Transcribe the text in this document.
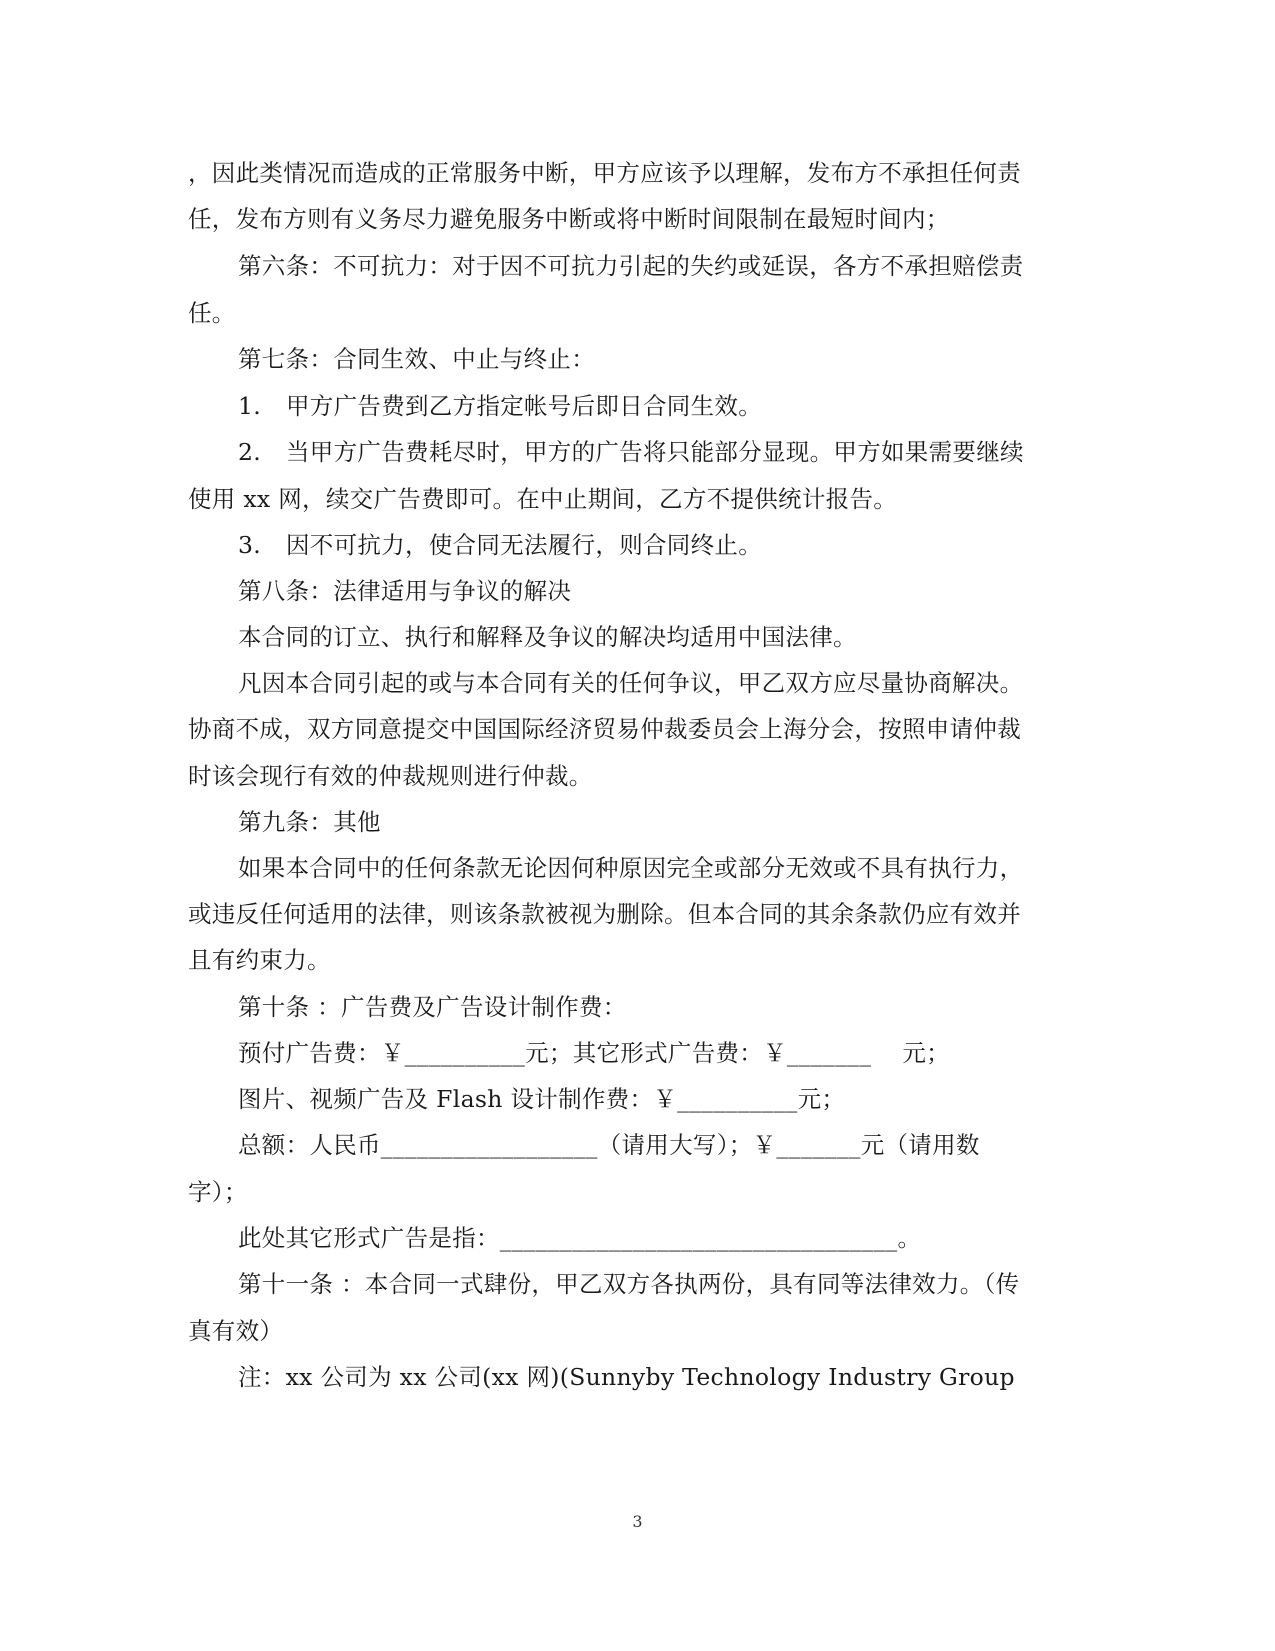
，因此类情况而造成的正常服务中断，甲方应该予以理解，发布方不承担任何责
任，发布方则有义务尽力避免服务中断或将中断时间限制在最短时间内；
第六条：不可抗力：对于因不可抗力引起的失约或延误，各方不承担赔偿责
任。
第七条：合同生效、中止与终止：
1. 甲方广告费到乙方指定帐号后即日合同生效。
2. 当甲方广告费耗尽时，甲方的广告将只能部分显现。甲方如果需要继续
使用 xx 网，续交广告费即可。在中止期间，乙方不提供统计报告。
3. 因不可抗力，使合同无法履行，则合同终止。
第八条：法律适用与争议的解决
本合同的订立、执行和解释及争议的解决均适用中国法律。
凡因本合同引起的或与本合同有关的任何争议，甲乙双方应尽量协商解决。
协商不成，双方同意提交中国国际经济贸易仲裁委员会上海分会，按照申请仲裁
时该会现行有效的仲裁规则进行仲裁。
第九条：其他
如果本合同中的任何条款无论因何种原因完全或部分无效或不具有执行力，
或违反任何适用的法律，则该条款被视为删除。但本合同的其余条款仍应有效并
且有约束力。
第十条 ：广告费及广告设计制作费：
预付广告费：￥__________元；其它形式广告费：￥_______    元；
图片、视频广告及 Flash 设计制作费：￥__________元；
总额：人民币__________________（请用大写）；￥_______元（请用数
字）；
此处其它形式广告是指：_________________________________。
第十一条 ：本合同一式肆份，甲乙双方各执两份，具有同等法律效力。（传
真有效）
注：xx 公司为 xx 公司(xx 网)(Sunnyby Technology Industry Group
3
